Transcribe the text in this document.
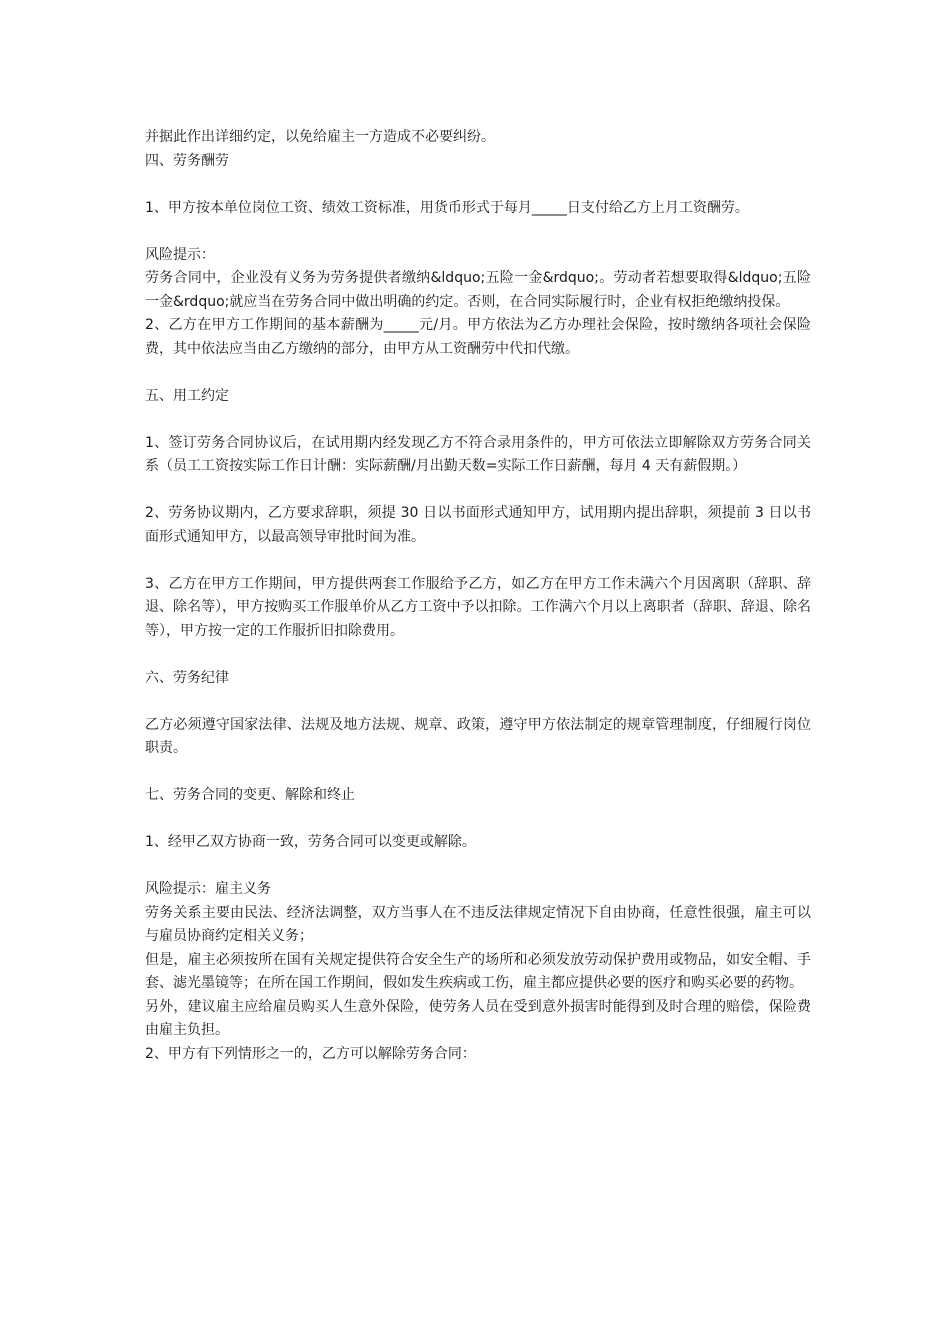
并据此作出详细约定，以免给雇主一方造成不必要纠纷。

四、劳务酬劳

1、甲方按本单位岗位工资、绩效工资标准，用货币形式于每月_____日支付给乙方上月工资酬劳。

风险提示：

劳务合同中，企业没有义务为劳务提供者缴纳&ldquo;五险一金&rdquo;。劳动者若想要取得&ldquo;五险一金&rdquo;就应当在劳务合同中做出明确的约定。否则，在合同实际履行时，企业有权拒绝缴纳投保。

2、乙方在甲方工作期间的基本薪酬为_____元/月。甲方依法为乙方办理社会保险，按时缴纳各项社会保险费，其中依法应当由乙方缴纳的部分，由甲方从工资酬劳中代扣代缴。

五、用工约定

1、签订劳务合同协议后，在试用期内经发现乙方不符合录用条件的，甲方可依法立即解除双方劳务合同关系（员工工资按实际工作日计酬：实际薪酬/月出勤天数=实际工作日薪酬，每月 4 天有薪假期。）

2、劳务协议期内，乙方要求辞职，须提 30 日以书面形式通知甲方，试用期内提出辞职，须提前 3 日以书面形式通知甲方，以最高领导审批时间为准。

3、乙方在甲方工作期间，甲方提供两套工作服给予乙方，如乙方在甲方工作未满六个月因离职（辞职、辞退、除名等），甲方按购买工作服单价从乙方工资中予以扣除。工作满六个月以上离职者（辞职、辞退、除名等），甲方按一定的工作服折旧扣除费用。

六、劳务纪律

乙方必须遵守国家法律、法规及地方法规、规章、政策，遵守甲方依法制定的规章管理制度，仔细履行岗位职责。

七、劳务合同的变更、解除和终止

1、经甲乙双方协商一致，劳务合同可以变更或解除。

风险提示：雇主义务

劳务关系主要由民法、经济法调整，双方当事人在不违反法律规定情况下自由协商，任意性很强，雇主可以与雇员协商约定相关义务；

但是，雇主必须按所在国有关规定提供符合安全生产的场所和必须发放劳动保护费用或物品，如安全帽、手套、滤光墨镜等；在所在国工作期间，假如发生疾病或工伤，雇主都应提供必要的医疗和购买必要的药物。

另外，建议雇主应给雇员购买人生意外保险，使劳务人员在受到意外损害时能得到及时合理的赔偿，保险费由雇主负担。

2、甲方有下列情形之一的，乙方可以解除劳务合同：
